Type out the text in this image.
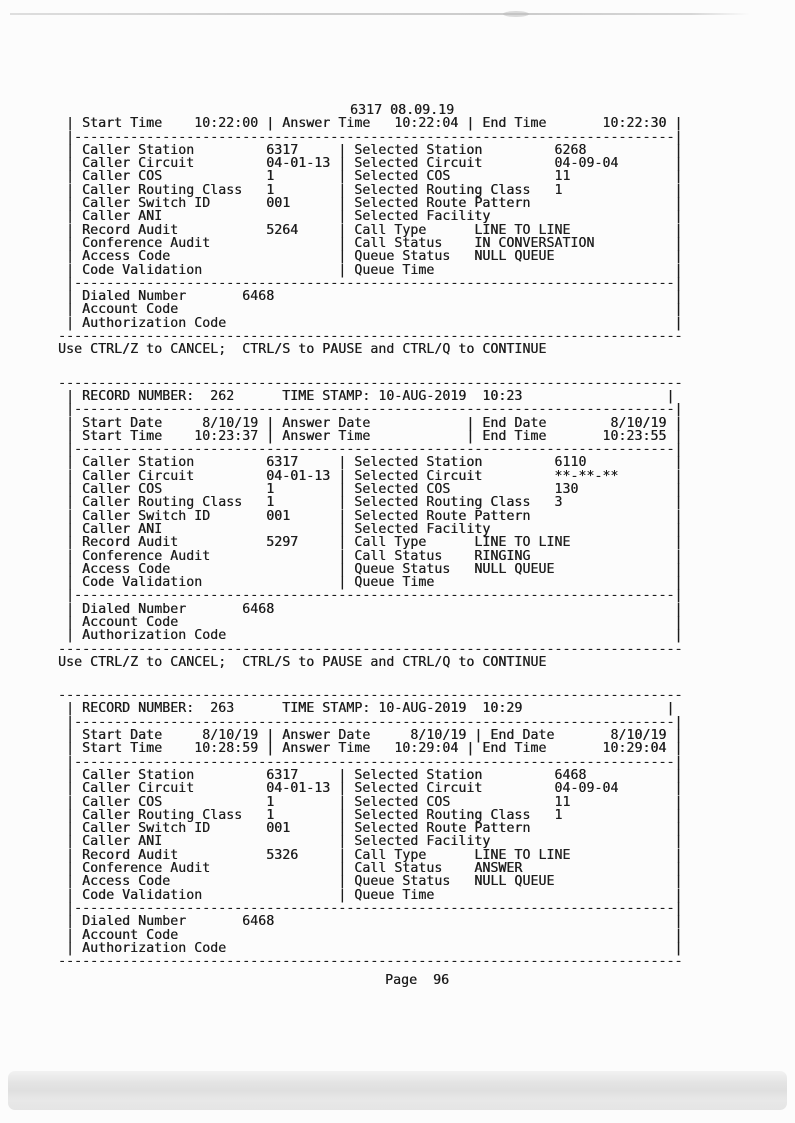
6317 08.09.19
| Start Time    10:22:00 | Answer Time   10:22:04 | End Time       10:22:30 |
|---------------------------------------------------------------------------|
| Caller Station         6317     | Selected Station         6268           |
| Caller Circuit         04-01-13 | Selected Circuit         04-09-04       |
| Caller COS             1        | Selected COS             11             |
| Caller Routing Class   1        | Selected Routing Class   1              |
| Caller Switch ID       001      | Selected Route Pattern                  |
| Caller ANI                      | Selected Facility                       |
| Record Audit           5264     | Call Type      LINE TO LINE             |
| Conference Audit                | Call Status    IN CONVERSATION          |
| Access Code                     | Queue Status   NULL QUEUE               |
| Code Validation                 | Queue Time                              |
|---------------------------------------------------------------------------|
| Dialed Number       6468                                                  |
| Account Code                                                              |
| Authorization Code                                                        |
------------------------------------------------------------------------------
Use CTRL/Z to CANCEL;  CTRL/S to PAUSE and CTRL/Q to CONTINUE
------------------------------------------------------------------------------
| RECORD NUMBER:  262      TIME STAMP: 10-AUG-2019  10:23                  |
|---------------------------------------------------------------------------|
| Start Date     8/10/19 | Answer Date            | End Date        8/10/19 |
| Start Time    10:23:37 | Answer Time            | End Time       10:23:55 |
|---------------------------------------------------------------------------|
| Caller Station         6317     | Selected Station         6110           |
| Caller Circuit         04-01-13 | Selected Circuit         **-**-**       |
| Caller COS             1        | Selected COS             130            |
| Caller Routing Class   1        | Selected Routing Class   3              |
| Caller Switch ID       001      | Selected Route Pattern                  |
| Caller ANI                      | Selected Facility                       |
| Record Audit           5297     | Call Type      LINE TO LINE             |
| Conference Audit                | Call Status    RINGING                  |
| Access Code                     | Queue Status   NULL QUEUE               |
| Code Validation                 | Queue Time                              |
|---------------------------------------------------------------------------|
| Dialed Number       6468                                                  |
| Account Code                                                              |
| Authorization Code                                                        |
------------------------------------------------------------------------------
Use CTRL/Z to CANCEL;  CTRL/S to PAUSE and CTRL/Q to CONTINUE
------------------------------------------------------------------------------
| RECORD NUMBER:  263      TIME STAMP: 10-AUG-2019  10:29                  |
|---------------------------------------------------------------------------|
| Start Date     8/10/19 | Answer Date     8/10/19 | End Date       8/10/19 |
| Start Time    10:28:59 | Answer Time   10:29:04 | End Time       10:29:04 |
|---------------------------------------------------------------------------|
| Caller Station         6317     | Selected Station         6468           |
| Caller Circuit         04-01-13 | Selected Circuit         04-09-04       |
| Caller COS             1        | Selected COS             11             |
| Caller Routing Class   1        | Selected Routing Class   1              |
| Caller Switch ID       001      | Selected Route Pattern                  |
| Caller ANI                      | Selected Facility                       |
| Record Audit           5326     | Call Type      LINE TO LINE             |
| Conference Audit                | Call Status    ANSWER                   |
| Access Code                     | Queue Status   NULL QUEUE               |
| Code Validation                 | Queue Time                              |
|---------------------------------------------------------------------------|
| Dialed Number       6468                                                  |
| Account Code                                                              |
| Authorization Code                                                        |
------------------------------------------------------------------------------
Page  96
